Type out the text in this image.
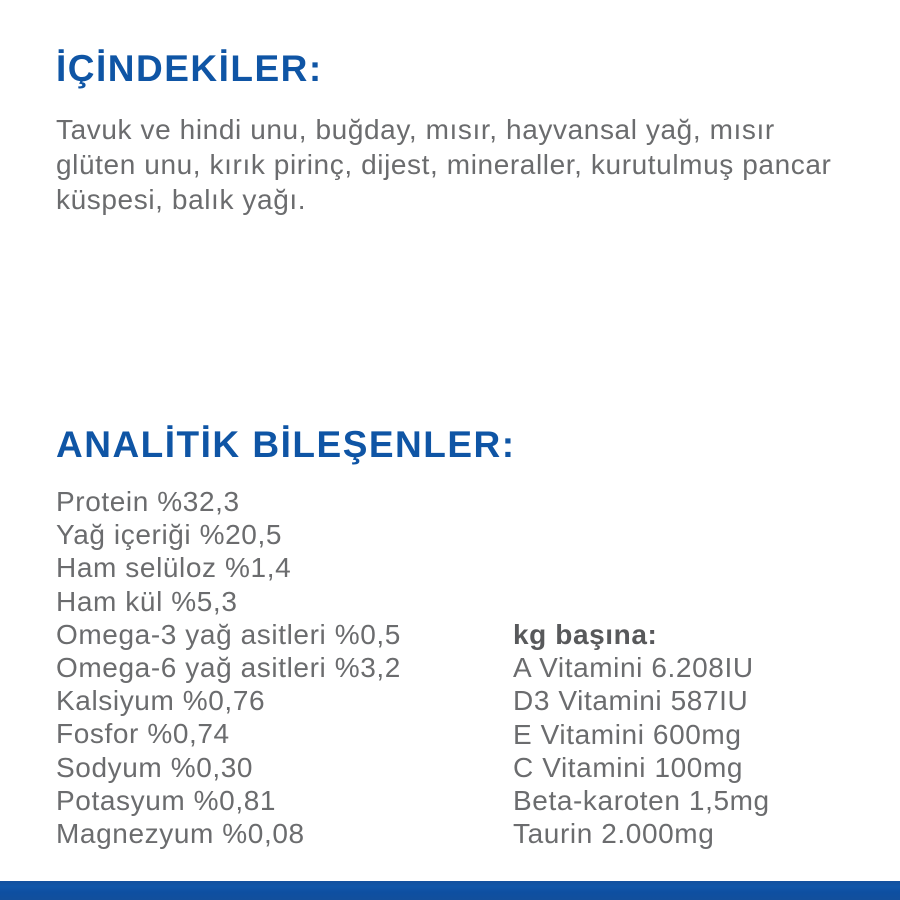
İÇİNDEKİLER:

Tavuk ve hindi unu, buğday, mısır, hayvansal yağ, mısır glüten unu, kırık pirinç, dijest, mineraller, kurutulmuş pancar küspesi, balık yağı.

ANALİTİK BİLEŞENLER:
Protein %32,3
Yağ içeriği %20,5
Ham selüloz %1,4
Ham kül %5,3
Omega-3 yağ asitleri %0,5
Omega-6 yağ asitleri %3,2
Kalsiyum %0,76
Fosfor %0,74
Sodyum %0,30
Potasyum %0,81
Magnezyum %0,08

kg başına:

A Vitamini 6.208IU
D3 Vitamini 587IU
E Vitamini 600mg
C Vitamini 100mg
Beta-karoten 1,5mg
Taurin 2.000mg
